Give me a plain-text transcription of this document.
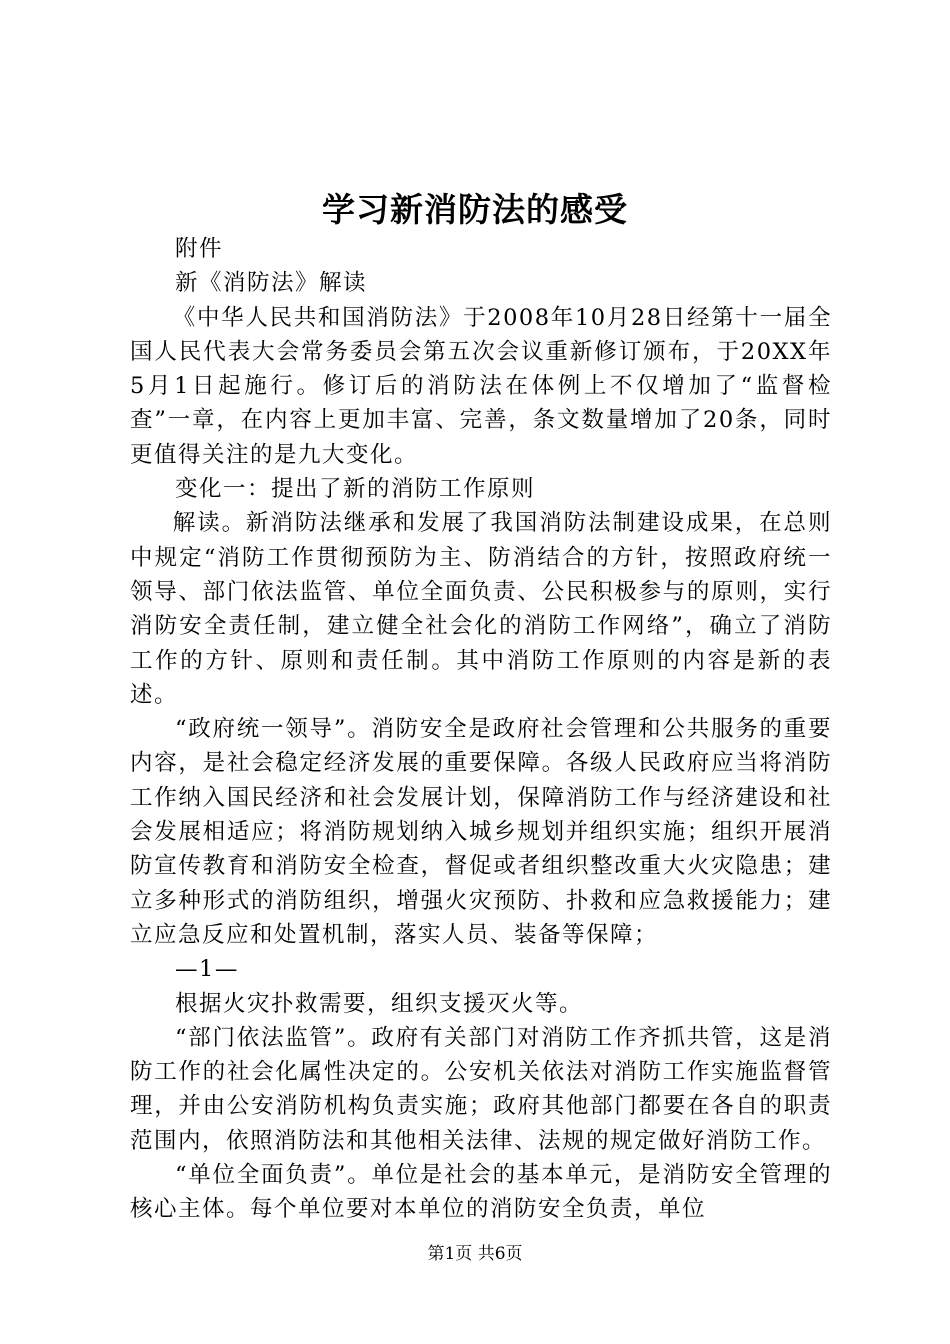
学习新消防法的感受

附件

新《消防法》解读

《中华人民共和国消防法》于2008年10月28日经第十一届全国人民代表大会常务委员会第五次会议重新修订颁布，于20XX年5月1日起施行。修订后的消防法在体例上不仅增加了“监督检查”一章，在内容上更加丰富、完善，条文数量增加了20条，同时更值得关注的是九大变化。

变化一：提出了新的消防工作原则

解读。新消防法继承和发展了我国消防法制建设成果，在总则中规定“消防工作贯彻预防为主、防消结合的方针，按照政府统一领导、部门依法监管、单位全面负责、公民积极参与的原则，实行消防安全责任制，建立健全社会化的消防工作网络”，确立了消防工作的方针、原则和责任制。其中消防工作原则的内容是新的表述。

“政府统一领导”。消防安全是政府社会管理和公共服务的重要内容，是社会稳定经济发展的重要保障。各级人民政府应当将消防工作纳入国民经济和社会发展计划，保障消防工作与经济建设和社会发展相适应；将消防规划纳入城乡规划并组织实施；组织开展消防宣传教育和消防安全检查，督促或者组织整改重大火灾隐患；建立多种形式的消防组织，增强火灾预防、扑救和应急救援能力；建立应急反应和处置机制，落实人员、装备等保障；

—1—

根据火灾扑救需要，组织支援灭火等。

“部门依法监管”。政府有关部门对消防工作齐抓共管，这是消防工作的社会化属性决定的。公安机关依法对消防工作实施监督管理，并由公安消防机构负责实施；政府其他部门都要在各自的职责范围内，依照消防法和其他相关法律、法规的规定做好消防工作。

“单位全面负责”。单位是社会的基本单元，是消防安全管理的核心主体。每个单位要对本单位的消防安全负责，单位

第1页 共6页
